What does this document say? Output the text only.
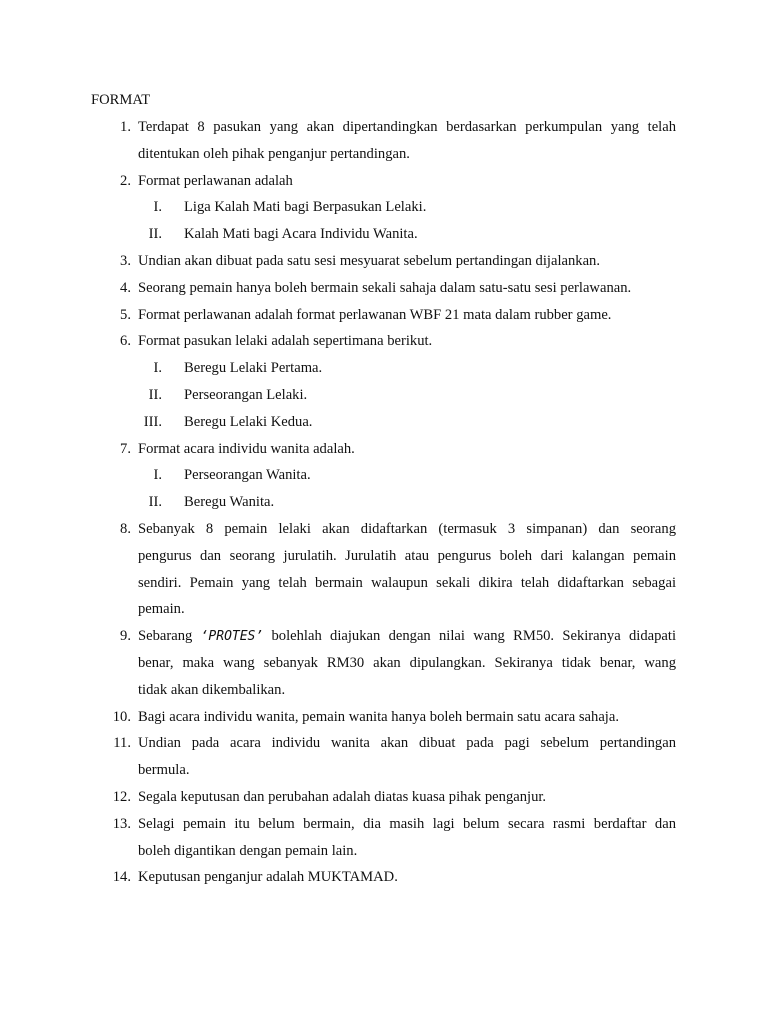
FORMAT
1. Terdapat 8 pasukan yang akan dipertandingkan berdasarkan perkumpulan yang telah
ditentukan oleh pihak penganjur pertandingan.
2. Format perlawanan adalah
I. Liga Kalah Mati bagi Berpasukan Lelaki.
II. Kalah Mati bagi Acara Individu Wanita.
3. Undian akan dibuat pada satu sesi mesyuarat sebelum pertandingan dijalankan.
4. Seorang pemain hanya boleh bermain sekali sahaja dalam satu-satu sesi perlawanan.
5. Format perlawanan adalah format perlawanan WBF 21 mata dalam rubber game.
6. Format pasukan lelaki adalah sepertimana berikut.
I. Beregu Lelaki Pertama.
II. Perseorangan Lelaki.
III. Beregu Lelaki Kedua.
7. Format acara individu wanita adalah.
I. Perseorangan Wanita.
II. Beregu Wanita.
8. Sebanyak 8 pemain lelaki akan didaftarkan (termasuk 3 simpanan) dan seorang
pengurus dan seorang jurulatih. Jurulatih atau pengurus boleh dari kalangan pemain
sendiri. Pemain yang telah bermain walaupun sekali dikira telah didaftarkan sebagai
pemain.
9. Sebarang ‘PROTES’ bolehlah diajukan dengan nilai wang RM50. Sekiranya didapati
benar, maka wang sebanyak RM30 akan dipulangkan. Sekiranya tidak benar, wang
tidak akan dikembalikan.
10. Bagi acara individu wanita, pemain wanita hanya boleh bermain satu acara sahaja.
11. Undian pada acara individu wanita akan dibuat pada pagi sebelum pertandingan
bermula.
12. Segala keputusan dan perubahan adalah diatas kuasa pihak penganjur.
13. Selagi pemain itu belum bermain, dia masih lagi belum secara rasmi berdaftar dan
boleh digantikan dengan pemain lain.
14. Keputusan penganjur adalah MUKTAMAD.
